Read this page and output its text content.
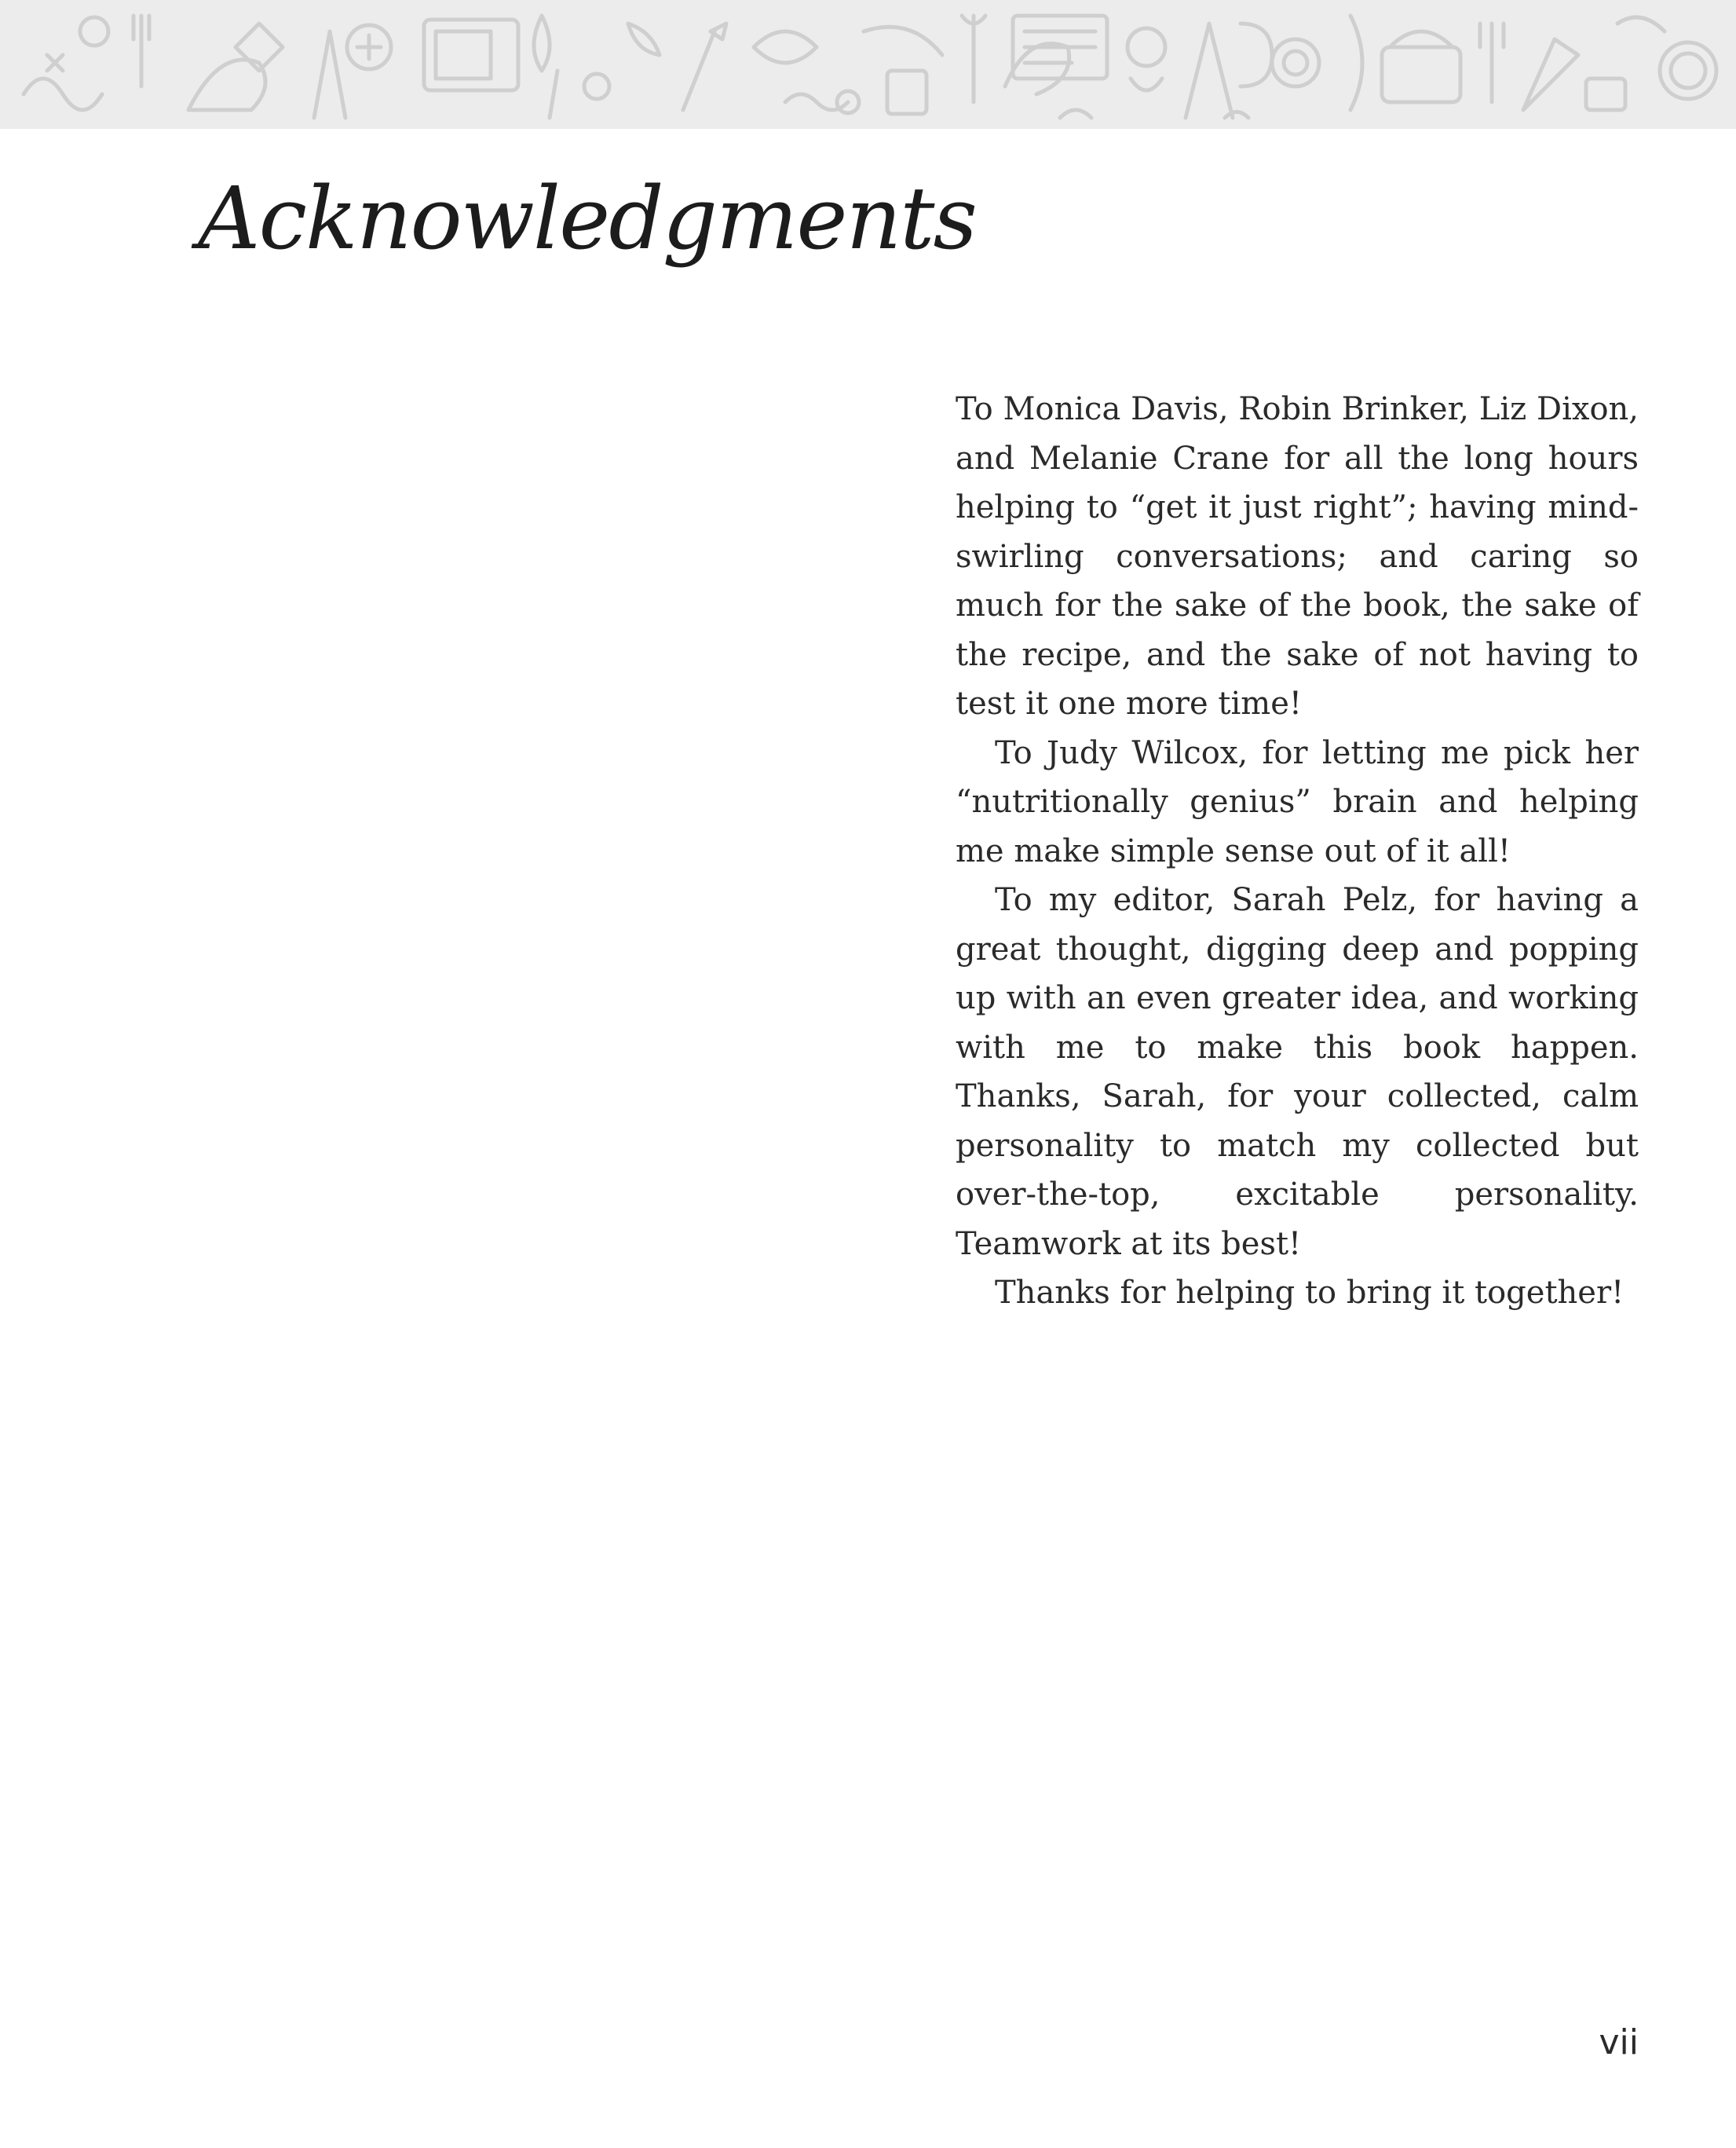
Acknowledgments

To Monica Davis, Robin Brinker, Liz Dixon, and Melanie Crane for all the long hours helping to “get it just right”; having mind-swirling conversations; and caring so much for the sake of the book, the sake of the recipe, and the sake of not having to test it one more time!

To Judy Wilcox, for letting me pick her “nutritionally genius” brain and helping me make simple sense out of it all!

To my editor, Sarah Pelz, for having a great thought, digging deep and popping up with an even greater idea, and working with me to make this book happen. Thanks, Sarah, for your collected, calm personality to match my collected but over-the-top, excitable personality. Teamwork at its best!

Thanks for helping to bring it together!

vii
